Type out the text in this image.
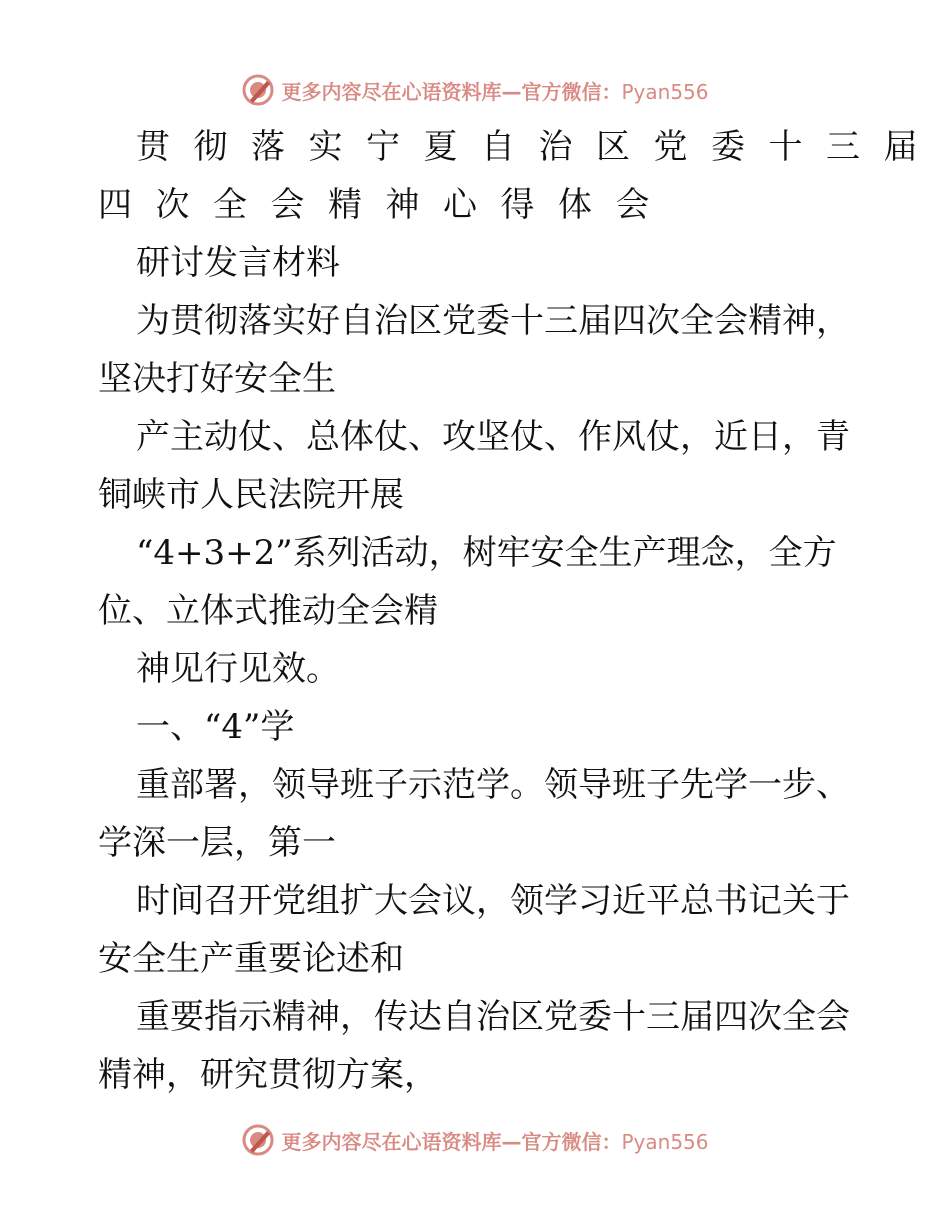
更多内容尽在心语资料库—官方微信：Pyan556
贯彻落实宁夏自治区党委十三届
四次全会精神心得体会
研讨发言材料
为贯彻落实好自治区党委十三届四次全会精神，
坚决打好安全生
产主动仗、总体仗、攻坚仗、作风仗，近日，青
铜峡市人民法院开展
“4+3+2”系列活动，树牢安全生产理念，全方
位、立体式推动全会精
神见行见效。
一、“4”学
重部署，领导班子示范学。领导班子先学一步、
学深一层，第一
时间召开党组扩大会议，领学习近平总书记关于
安全生产重要论述和
重要指示精神，传达自治区党委十三届四次全会
精神，研究贯彻方案，
更多内容尽在心语资料库—官方微信：Pyan556
